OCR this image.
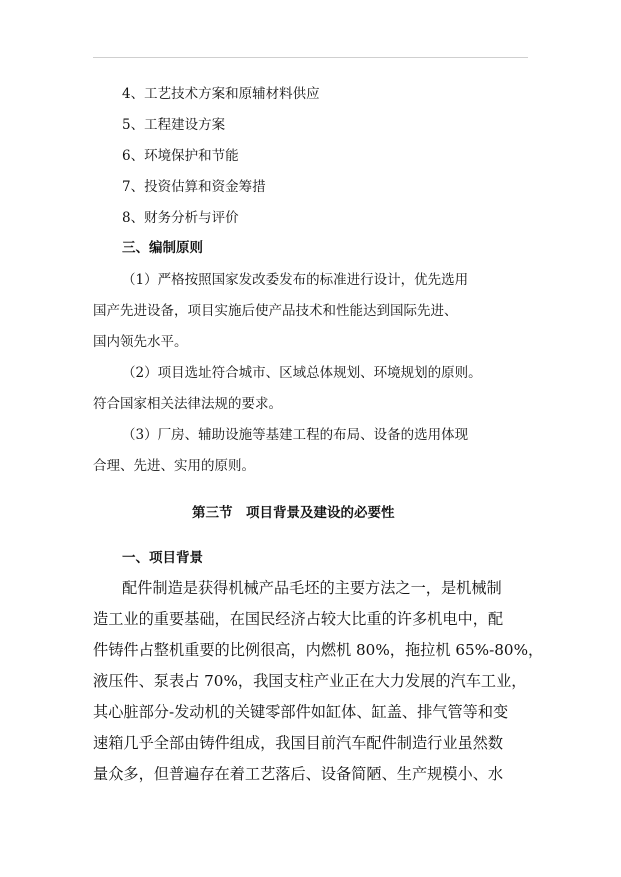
4、工艺技术方案和原辅材料供应
5、工程建设方案
6、环境保护和节能
7、投资估算和资金筹措
8、财务分析与评价
三、编制原则
（1）严格按照国家发改委发布的标准进行设计，优先选用
国产先进设备，项目实施后使产品技术和性能达到国际先进、
国内领先水平。
（2）项目选址符合城市、区域总体规划、环境规划的原则。
符合国家相关法律法规的要求。
（3）厂房、辅助设施等基建工程的布局、设备的选用体现
合理、先进、实用的原则。
第三节　项目背景及建设的必要性
一、项目背景
配件制造是获得机械产品毛坯的主要方法之一，是机械制
造工业的重要基础，在国民经济占较大比重的许多机电中，配
件铸件占整机重要的比例很高，内燃机 80%，拖拉机 65%-80%，
液压件、泵表占 70%，我国支柱产业正在大力发展的汽车工业，
其心脏部分-发动机的关键零部件如缸体、缸盖、排气管等和变
速箱几乎全部由铸件组成，我国目前汽车配件制造行业虽然数
量众多，但普遍存在着工艺落后、设备简陋、生产规模小、水
